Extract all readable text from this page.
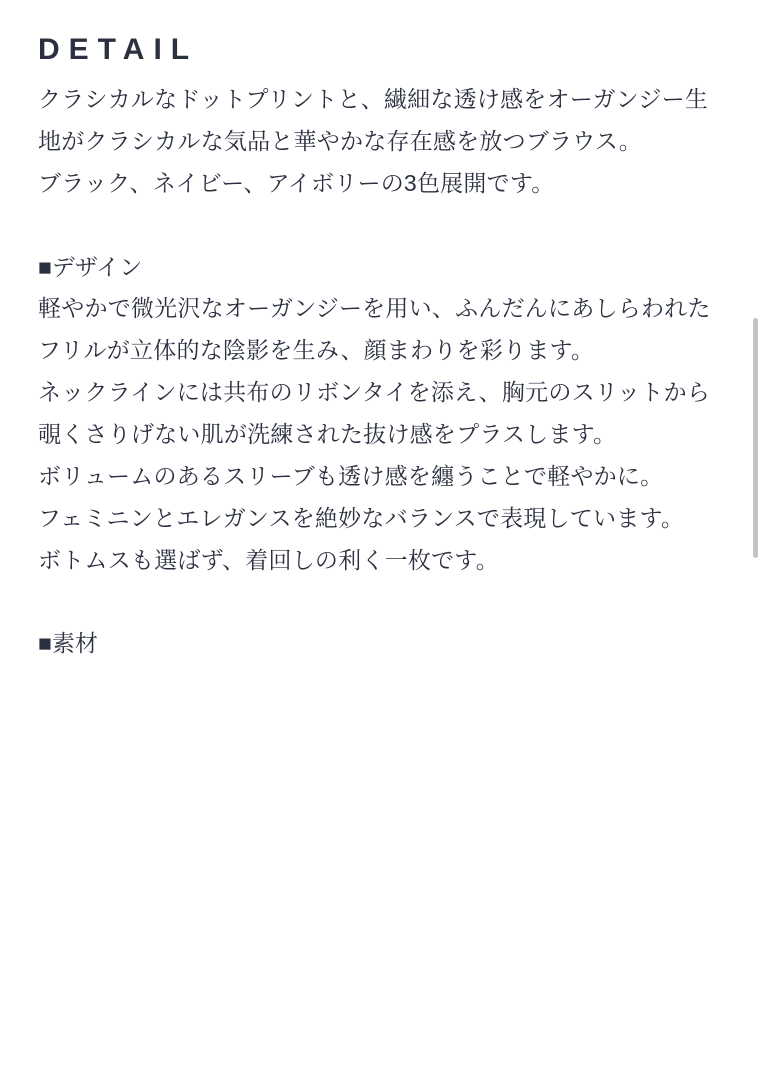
DETAIL

クラシカルなドットプリントと、繊細な透け感をオーガンジー生地がクラシカルな気品と華やかな存在感を放つブラウス。

ブラック、ネイビー、アイボリーの3色展開です。

■デザイン

軽やかで微光沢なオーガンジーを用い、ふんだんにあしらわれたフリルが立体的な陰影を生み、顔まわりを彩ります。

ネックラインには共布のリボンタイを添え、胸元のスリットから覗くさりげない肌が洗練された抜け感をプラスします。

ボリュームのあるスリーブも透け感を纏うことで軽やかに。

フェミニンとエレガンスを絶妙なバランスで表現しています。

ボトムスも選ばず、着回しの利く一枚です。

■素材
